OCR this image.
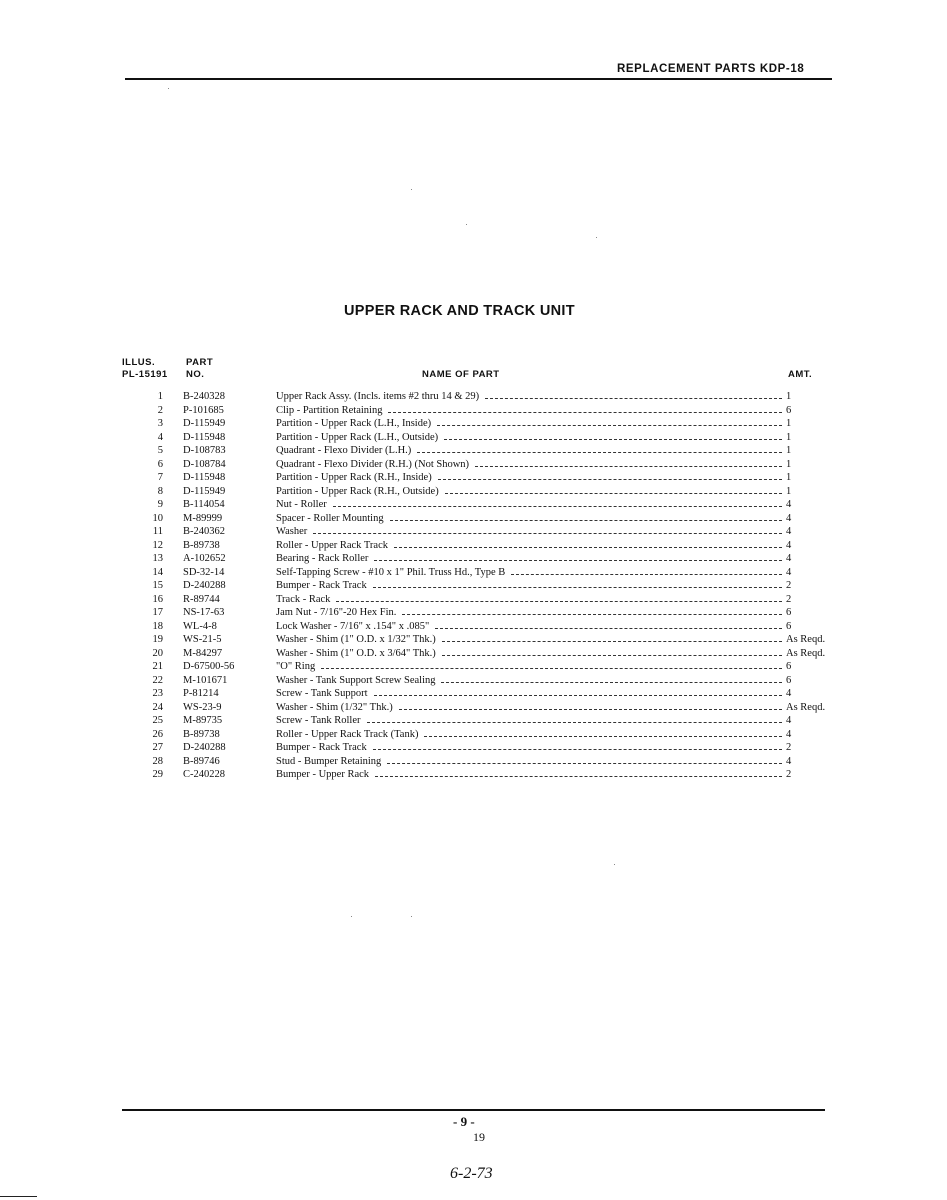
REPLACEMENT PARTS KDP-18
UPPER RACK AND TRACK UNIT
ILLUS.
PL-15191
PART
NO.	NAME OF PART	AMT.
1 B-240328	Upper Rack Assy. (Incls. items #2 thru 14 & 29)	1
2 P-101685	Clip - Partition Retaining	6
3 D-115949	Partition - Upper Rack (L.H., Inside)	1
4 D-115948	Partition - Upper Rack (L.H., Outside)	1
5 D-108783	Quadrant - Flexo Divider (L.H.)	1
6 D-108784	Quadrant - Flexo Divider (R.H.) (Not Shown)	1
7 D-115948	Partition - Upper Rack (R.H., Inside)	1
8 D-115949	Partition - Upper Rack (R.H., Outside)	1
9 B-114054	Nut - Roller	4
10 M-89999	Spacer - Roller Mounting	4
11 B-240362	Washer	4
12 B-89738	Roller - Upper Rack Track	4
13 A-102652	Bearing - Rack Roller	4
14 SD-32-14	Self-Tapping Screw - #10 x 1" Phil. Truss Hd., Type B	4
15 D-240288	Bumper - Rack Track	2
16 R-89744	Track - Rack	2
17 NS-17-63	Jam Nut - 7/16"-20 Hex Fin.	6
18 WL-4-8	Lock Washer - 7/16" x .154" x .085"	6
19 WS-21-5	Washer - Shim (1" O.D. x 1/32" Thk.)	As Reqd.
20 M-84297	Washer - Shim (1" O.D. x 3/64" Thk.)	As Reqd.
21 D-67500-56	"O" Ring	6
22 M-101671	Washer - Tank Support Screw Sealing	6
23 P-81214	Screw - Tank Support	4
24 WS-23-9	Washer - Shim (1/32" Thk.)	As Reqd.
25 M-89735	Screw - Tank Roller	4
26 B-89738	Roller - Upper Rack Track (Tank)	4
27 D-240288	Bumper - Rack Track	2
28 B-89746	Stud - Bumper Retaining	4
29 C-240228	Bumper - Upper Rack	2
- 9 -
19
6-2-73
